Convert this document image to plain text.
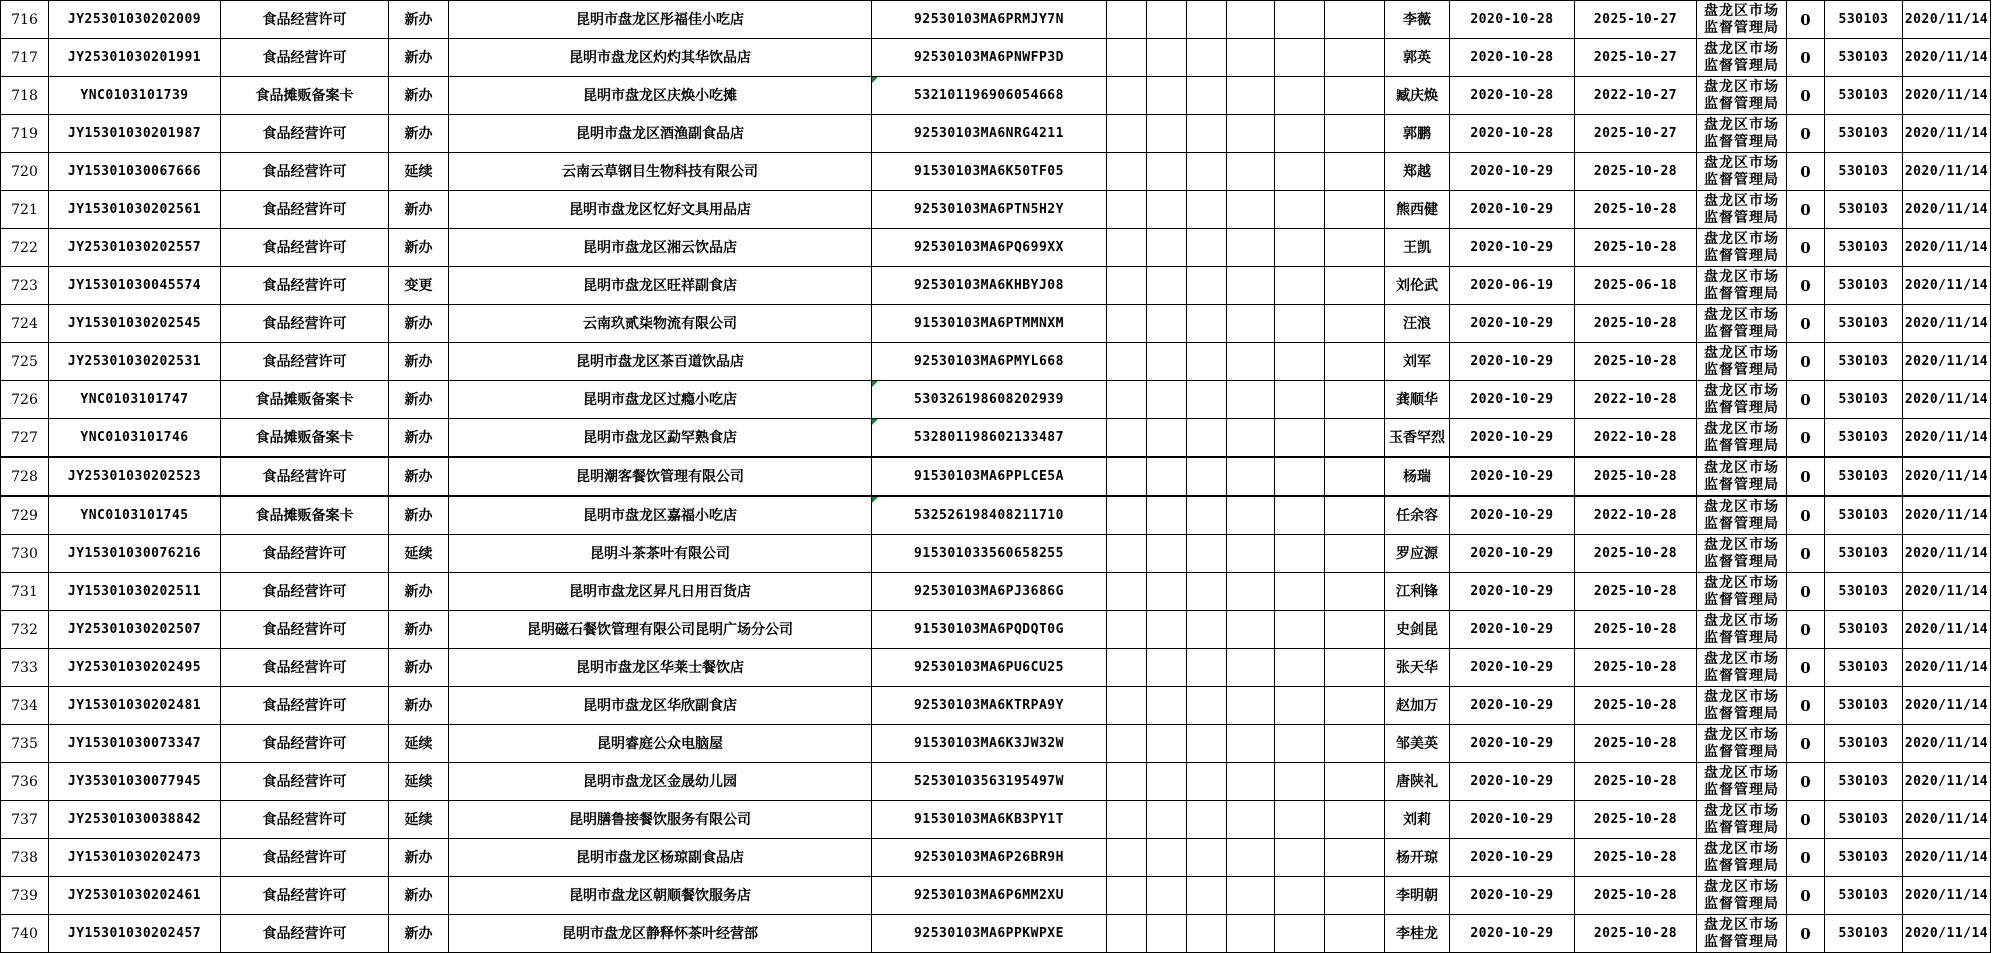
716	JY25301030202009	食品经营许可	新办	昆明市盘龙区彤福佳小吃店	92530103MA6PRMJY7N							李薇	2020-10-28	2025-10-27	盘龙区市场监督管理局	0	530103	2020/11/14
717	JY25301030201991	食品经营许可	新办	昆明市盘龙区灼灼其华饮品店	92530103MA6PNWFP3D							郭英	2020-10-28	2025-10-27	盘龙区市场监督管理局	0	530103	2020/11/14
718	YNC0103101739	食品摊贩备案卡	新办	昆明市盘龙区庆焕小吃摊	532101196906054668							臧庆焕	2020-10-28	2022-10-27	盘龙区市场监督管理局	0	530103	2020/11/14
719	JY15301030201987	食品经营许可	新办	昆明市盘龙区酒渔副食品店	92530103MA6NRG4211							郭鹏	2020-10-28	2025-10-27	盘龙区市场监督管理局	0	530103	2020/11/14
720	JY15301030067666	食品经营许可	延续	云南云草钢目生物科技有限公司	91530103MA6K50TF05							郑越	2020-10-29	2025-10-28	盘龙区市场监督管理局	0	530103	2020/11/14
721	JY15301030202561	食品经营许可	新办	昆明市盘龙区忆好文具用品店	92530103MA6PTN5H2Y							熊西健	2020-10-29	2025-10-28	盘龙区市场监督管理局	0	530103	2020/11/14
722	JY25301030202557	食品经营许可	新办	昆明市盘龙区湘云饮品店	92530103MA6PQ699XX							王凯	2020-10-29	2025-10-28	盘龙区市场监督管理局	0	530103	2020/11/14
723	JY15301030045574	食品经营许可	变更	昆明市盘龙区旺祥副食店	92530103MA6KHBYJ08							刘伦武	2020-06-19	2025-06-18	盘龙区市场监督管理局	0	530103	2020/11/14
724	JY15301030202545	食品经营许可	新办	云南玖贰柒物流有限公司	91530103MA6PTMMNXM							汪浪	2020-10-29	2025-10-28	盘龙区市场监督管理局	0	530103	2020/11/14
725	JY25301030202531	食品经营许可	新办	昆明市盘龙区茶百道饮品店	92530103MA6PMYL668							刘军	2020-10-29	2025-10-28	盘龙区市场监督管理局	0	530103	2020/11/14
726	YNC0103101747	食品摊贩备案卡	新办	昆明市盘龙区过瘾小吃店	530326198608202939							龚顺华	2020-10-29	2022-10-28	盘龙区市场监督管理局	0	530103	2020/11/14
727	YNC0103101746	食品摊贩备案卡	新办	昆明市盘龙区勐罕熟食店	532801198602133487							玉香罕烈	2020-10-29	2022-10-28	盘龙区市场监督管理局	0	530103	2020/11/14
728	JY25301030202523	食品经营许可	新办	昆明潮客餐饮管理有限公司	91530103MA6PPLCE5A							杨瑞	2020-10-29	2025-10-28	盘龙区市场监督管理局	0	530103	2020/11/14
729	YNC0103101745	食品摊贩备案卡	新办	昆明市盘龙区嘉福小吃店	532526198408211710							任余容	2020-10-29	2022-10-28	盘龙区市场监督管理局	0	530103	2020/11/14
730	JY15301030076216	食品经营许可	延续	昆明斗茶茶叶有限公司	915301033560658255							罗应源	2020-10-29	2025-10-28	盘龙区市场监督管理局	0	530103	2020/11/14
731	JY15301030202511	食品经营许可	新办	昆明市盘龙区昇凡日用百货店	92530103MA6PJ3686G							江利锋	2020-10-29	2025-10-28	盘龙区市场监督管理局	0	530103	2020/11/14
732	JY25301030202507	食品经营许可	新办	昆明磁石餐饮管理有限公司昆明广场分公司	91530103MA6PQDQT0G							史剑昆	2020-10-29	2025-10-28	盘龙区市场监督管理局	0	530103	2020/11/14
733	JY25301030202495	食品经营许可	新办	昆明市盘龙区华莱士餐饮店	92530103MA6PU6CU25							张天华	2020-10-29	2025-10-28	盘龙区市场监督管理局	0	530103	2020/11/14
734	JY15301030202481	食品经营许可	新办	昆明市盘龙区华欣副食店	92530103MA6KTRPA9Y							赵加万	2020-10-29	2025-10-28	盘龙区市场监督管理局	0	530103	2020/11/14
735	JY15301030073347	食品经营许可	延续	昆明睿庭公众电脑屋	91530103MA6K3JW32W							邹美英	2020-10-29	2025-10-28	盘龙区市场监督管理局	0	530103	2020/11/14
736	JY35301030077945	食品经营许可	延续	昆明市盘龙区金晟幼儿园	52530103563195497W							唐陕礼	2020-10-29	2025-10-28	盘龙区市场监督管理局	0	530103	2020/11/14
737	JY25301030038842	食品经营许可	延续	昆明膳鲁接餐饮服务有限公司	91530103MA6KB3PY1T							刘莉	2020-10-29	2025-10-28	盘龙区市场监督管理局	0	530103	2020/11/14
738	JY15301030202473	食品经营许可	新办	昆明市盘龙区杨琼副食品店	92530103MA6P26BR9H							杨开琼	2020-10-29	2025-10-28	盘龙区市场监督管理局	0	530103	2020/11/14
739	JY25301030202461	食品经营许可	新办	昆明市盘龙区朝顺餐饮服务店	92530103MA6P6MM2XU							李明朝	2020-10-29	2025-10-28	盘龙区市场监督管理局	0	530103	2020/11/14
740	JY15301030202457	食品经营许可	新办	昆明市盘龙区静释怀茶叶经营部	92530103MA6PPKWPXE							李桂龙	2020-10-29	2025-10-28	盘龙区市场监督管理局	0	530103	2020/11/14
